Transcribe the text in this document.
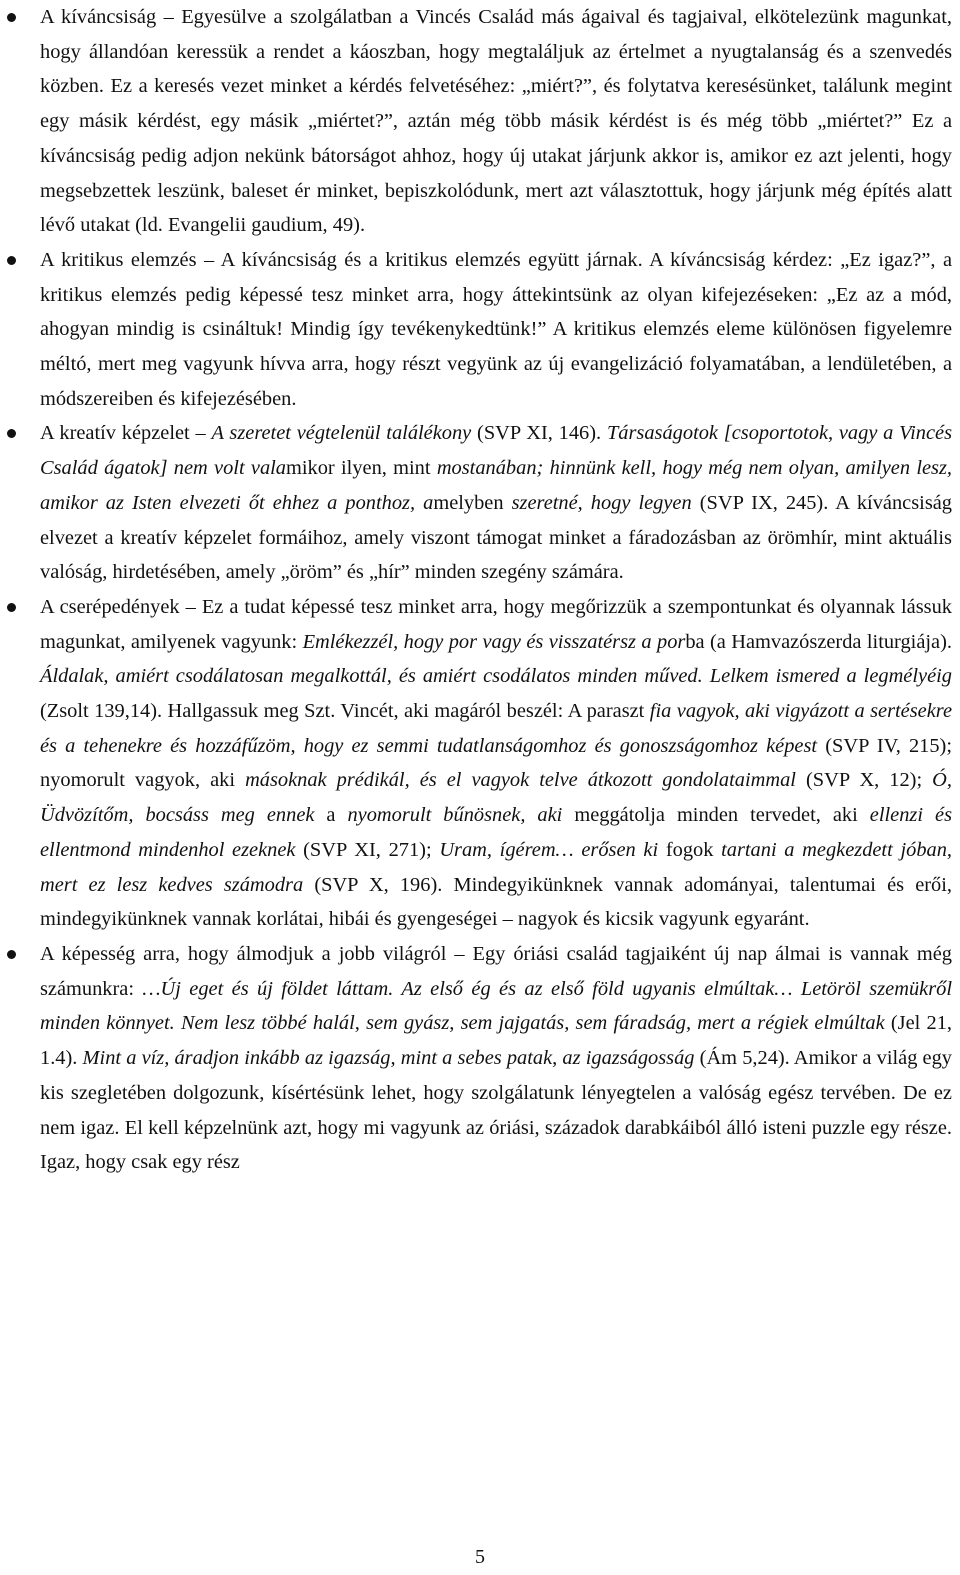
A kíváncsiság – Egyesülve a szolgálatban a Vincés Család más ágaival és tagjaival, elkötelezünk magunkat, hogy állandóan keressük a rendet a káoszban, hogy megtaláljuk az értelmet a nyugtalanság és a szenvedés közben. Ez a keresés vezet minket a kérdés felvetéséhez: „miért?”, és folytatva keresésünket, találunk megint egy másik kérdést, egy másik „miértet?”, aztán még több másik kérdést is és még több „miértet?” Ez a kíváncsiság pedig adjon nekünk bátorságot ahhoz, hogy új utakat járjunk akkor is, amikor ez azt jelenti, hogy megsebzettek leszünk, baleset ér minket, bepiszkolódunk, mert azt választottuk, hogy járjunk még építés alatt lévő utakat (ld. Evangelii gaudium, 49).
A kritikus elemzés – A kíváncsiság és a kritikus elemzés együtt járnak. A kíváncsiság kérdez: „Ez igaz?”, a kritikus elemzés pedig képessé tesz minket arra, hogy áttekintsünk az olyan kifejezéseken: „Ez az a mód, ahogyan mindig is csináltuk! Mindig így tevékenykedtünk!” A kritikus elemzés eleme különösen figyelemre méltó, mert meg vagyunk hívva arra, hogy részt vegyünk az új evangelizáció folyamatában, a lendületében, a módszereiben és kifejezésében.
A kreatív képzelet – A szeretet végtelenül találékony (SVP XI, 146). Társaságotok [csoportotok, vagy a Vincés Család ágatok] nem volt valamikor ilyen, mint mostanában; hinnünk kell, hogy még nem olyan, amilyen lesz, amikor az Isten elvezeti őt ehhez a ponthoz, amelyben szeretné, hogy legyen (SVP IX, 245). A kíváncsiság elvezet a kreatív képzelet formáihoz, amely viszont támogat minket a fáradozásban az örömhír, mint aktuális valóság, hirdetésében, amely „öröm” és „hír” minden szegény számára.
A cserépedények – Ez a tudat képessé tesz minket arra, hogy megőrizzük a szempontunkat és olyannak lássuk magunkat, amilyenek vagyunk: Emlékezzél, hogy por vagy és visszatérsz a porba (a Hamvazószerda liturgiája). Áldalak, amiért csodálatosan megalkottál, és amiért csodálatos minden műved. Lelkem ismered a legmélyéig (Zsolt 139,14). Hallgassuk meg Szt. Vincét, aki magáról beszél: A paraszt fia vagyok, aki vigyázott a sertésekre és a tehenekre és hozzáfűzöm, hogy ez semmi tudatlanságomhoz és gonoszságomhoz képest (SVP IV, 215); nyomorult vagyok, aki másoknak prédikál, és el vagyok telve átkozott gondolataimmal (SVP X, 12); Ó, Üdvözítőm, bocsáss meg ennek a nyomorult bűnösnek, aki meggátolja minden tervedet, aki ellenzi és ellentmond mindenhol ezeknek (SVP XI, 271); Uram, ígérem… erősen ki fogok tartani a megkezdett jóban, mert ez lesz kedves számodra (SVP X, 196). Mindegyikünknek vannak adományai, talentumai és erői, mindegyikünknek vannak korlátai, hibái és gyengeségei – nagyok és kicsik vagyunk egyaránt.
A képesség arra, hogy álmodjuk a jobb világról – Egy óriási család tagjaiként új nap álmai is vannak még számunkra: …Új eget és új földet láttam. Az első ég és az első föld ugyanis elmúltak… Letöröl szemükről minden könnyet. Nem lesz többé halál, sem gyász, sem jajgatás, sem fáradság, mert a régiek elmúltak (Jel 21, 1.4). Mint a víz, áradjon inkább az igazság, mint a sebes patak, az igazságosság (Ám 5,24). Amikor a világ egy kis szegletében dolgozunk, kísértésünk lehet, hogy szolgálatunk lényegtelen a valóság egész tervében. De ez nem igaz. El kell képzelnünk azt, hogy mi vagyunk az óriási, századok darabkáiból álló isteni puzzle egy része. Igaz, hogy csak egy rész
5
